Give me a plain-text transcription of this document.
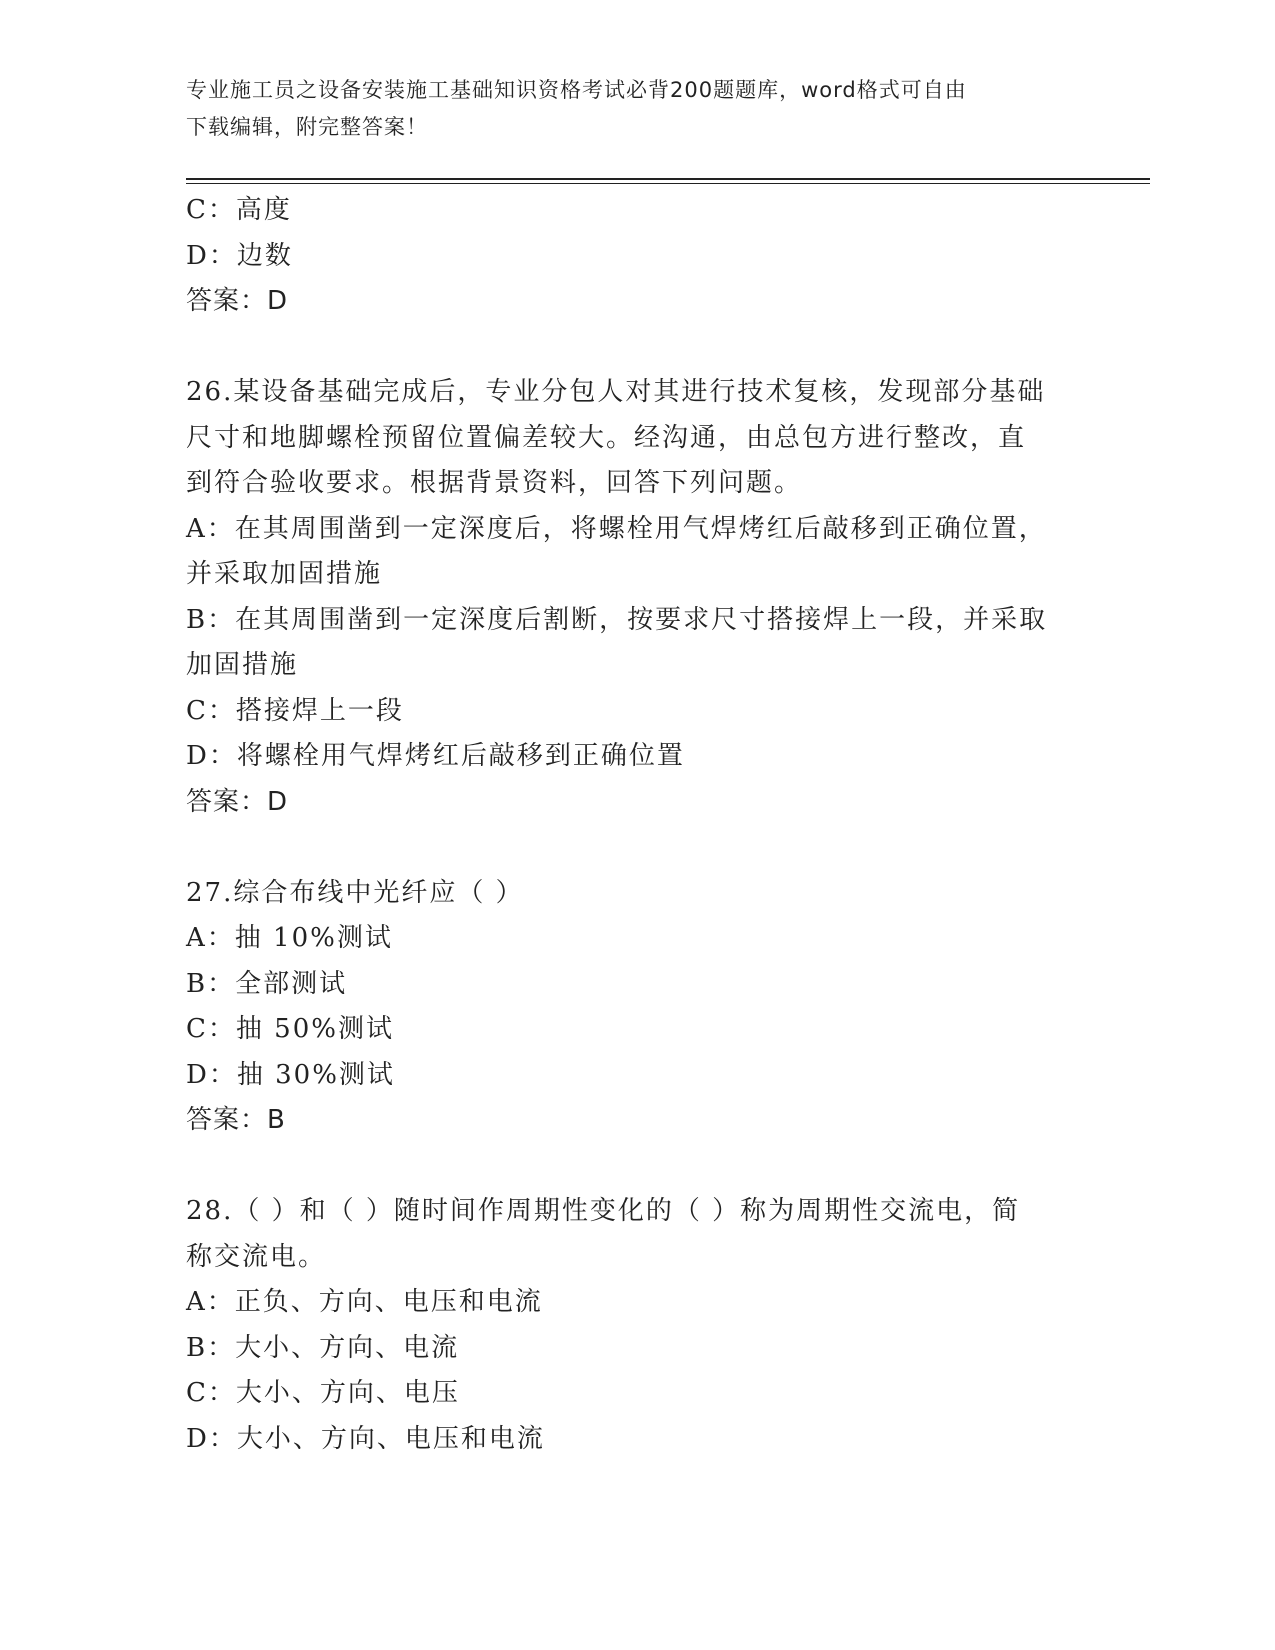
专业施工员之设备安装施工基础知识资格考试必背200题题库，word格式可自由
下载编辑，附完整答案！
C：高度
D：边数
答案：D
26.某设备基础完成后，专业分包人对其进行技术复核，发现部分基础
尺寸和地脚螺栓预留位置偏差较大。经沟通，由总包方进行整改，直
到符合验收要求。根据背景资料，回答下列问题。
A：在其周围凿到一定深度后，将螺栓用气焊烤红后敲移到正确位置，
并采取加固措施
B：在其周围凿到一定深度后割断，按要求尺寸搭接焊上一段，并采取
加固措施
C：搭接焊上一段
D：将螺栓用气焊烤红后敲移到正确位置
答案：D
27.综合布线中光纤应（ ）
A：抽 10%测试
B：全部测试
C：抽 50%测试
D：抽 30%测试
答案：B
28.（ ）和（ ）随时间作周期性变化的（ ）称为周期性交流电，简
称交流电。
A：正负、方向、电压和电流
B：大小、方向、电流
C：大小、方向、电压
D：大小、方向、电压和电流
